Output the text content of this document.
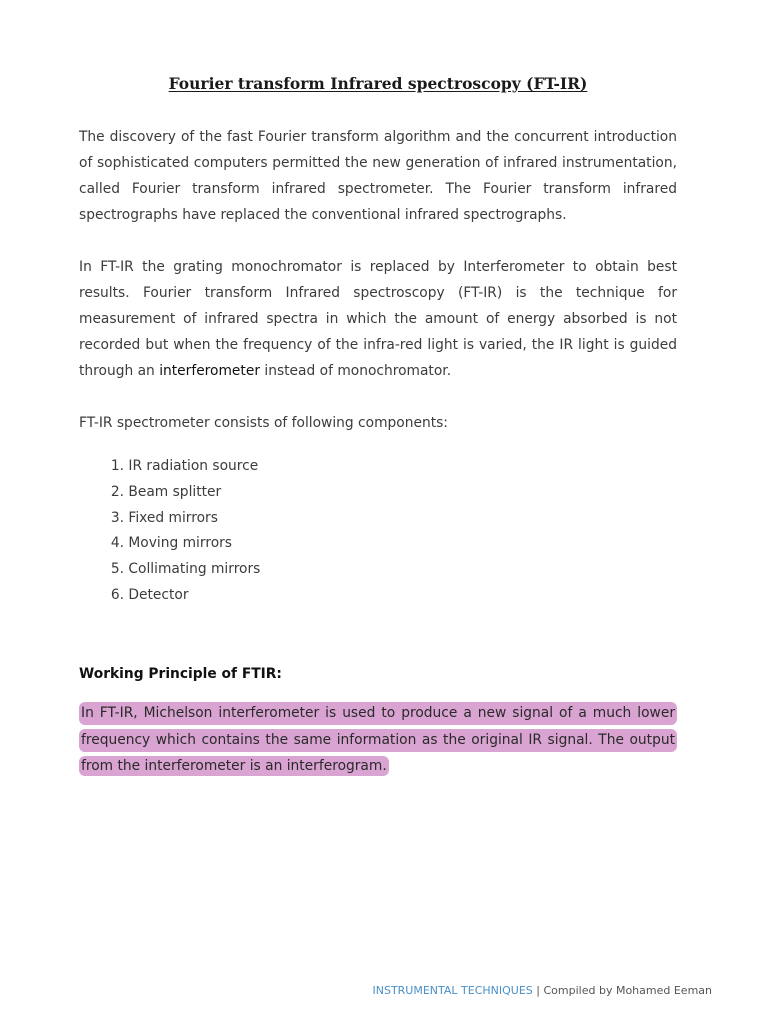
Fourier transform Infrared spectroscopy (FT-IR)

The discovery of the fast Fourier transform algorithm and the concurrent introduction of sophisticated computers permitted the new generation of infrared instrumentation, called Fourier transform infrared spectrometer. The Fourier transform infrared spectrographs have replaced the conventional infrared spectrographs.

In FT-IR the grating monochromator is replaced by Interferometer to obtain best results. Fourier transform Infrared spectroscopy (FT-IR) is the technique for measurement of infrared spectra in which the amount of energy absorbed is not recorded but when the frequency of the infra-red light is varied, the IR light is guided through an interferometer instead of monochromator.

FT-IR spectrometer consists of following components:

1. IR radiation source
2. Beam splitter
3. Fixed mirrors
4. Moving mirrors
5. Collimating mirrors
6. Detector
Working Principle of FTIR:
In FT-IR, Michelson interferometer is used to produce a new signal of a much lower
frequency which contains the same information as the original IR signal. The output
from the interferometer is an interferogram.
INSTRUMENTAL TECHNIQUES | Compiled by Mohamed Eeman
